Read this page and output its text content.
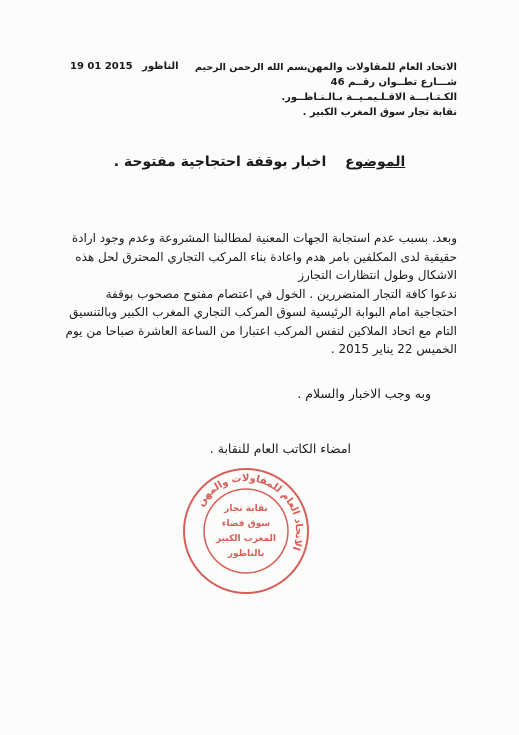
الاتحاد العام للمقاولات والمهن
شـــارع تطــوان رقــم 46
الكـتـابـــة الاقـلـيمـيــة بـالـنـاظــور.
نقابة تجار سوق المغرب الكبير .
بسم الله الرحمن الرحيم
الناظور 2015 01 19
الموضوع اخبار بوقفة احتجاجية مفتوحة .

وبعد. بسبب عدم استجابة الجهات المعنية لمطالبنا المشروعة وعدم وجود ارادة
حقيقية لدى المكلفين بامر هدم واعادة بناء المركب التجاري المحترق لحل هذه
الاشكال وطول انتظارات التجارز

ندعوا كافة التجار المتضررين . الخول في اعتصام مفتوح مصحوب بوقفة
احتجاجية امام البوابة الرئيسية لسوق المركب التجاري المغرب الكبير وبالتنسيق
التام مع اتحاد الملاكين لنفس المركب اعتبارا من الساعة العاشرة صباحا من يوم
الخميس 22 يناير 2015 .

وبه وجب الاخبار والسلام .
امضاء الكاتب العام للنقابة .
الاتحاد العام للمقاولات والمهن
نقابة تجار
سوق فضاء
المغرب الكبير
بالناظور
